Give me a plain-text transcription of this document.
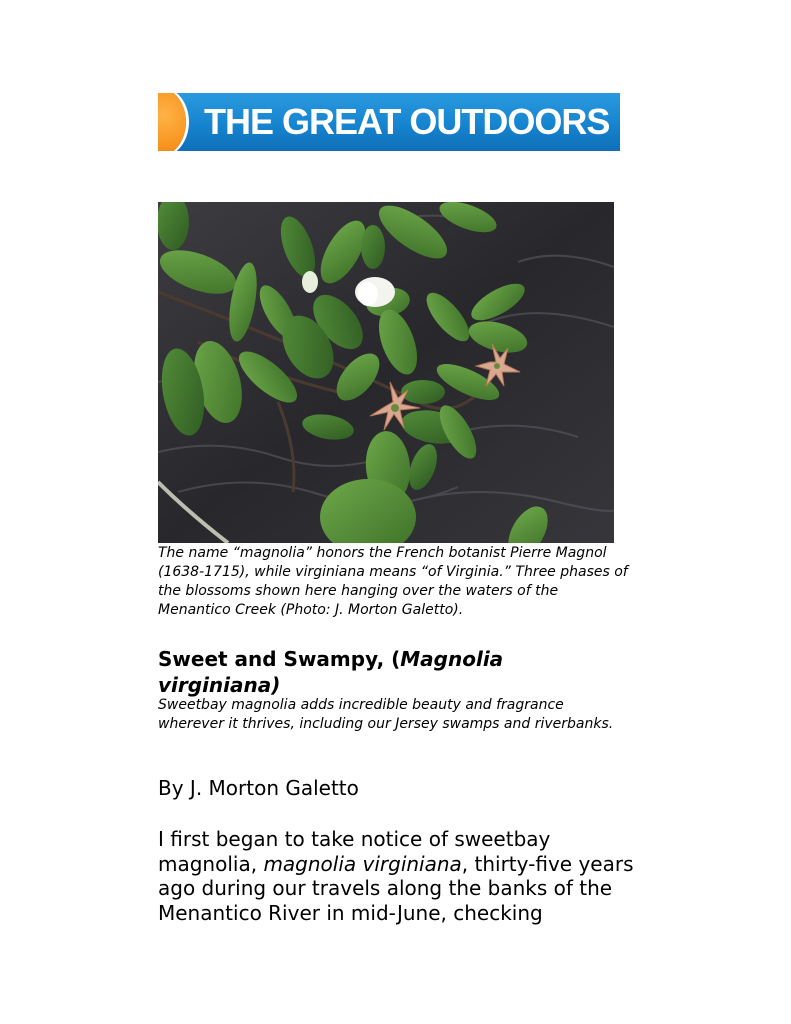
THE GREAT OUTDOORS

The name “magnolia” honors the French botanist Pierre Magnol (1638-1715), while virginiana means “of Virginia.” Three phases of the blossoms shown here hanging over the waters of the Menantico Creek (Photo: J. Morton Galetto).

Sweet and Swampy, (Magnolia virginiana)

Sweetbay magnolia adds incredible beauty and fragrance wherever it thrives, including our Jersey swamps and riverbanks.

By J. Morton Galetto

I first began to take notice of sweetbay magnolia, magnolia virginiana, thirty-five years ago during our travels along the banks of the Menantico River in mid-June, checking
